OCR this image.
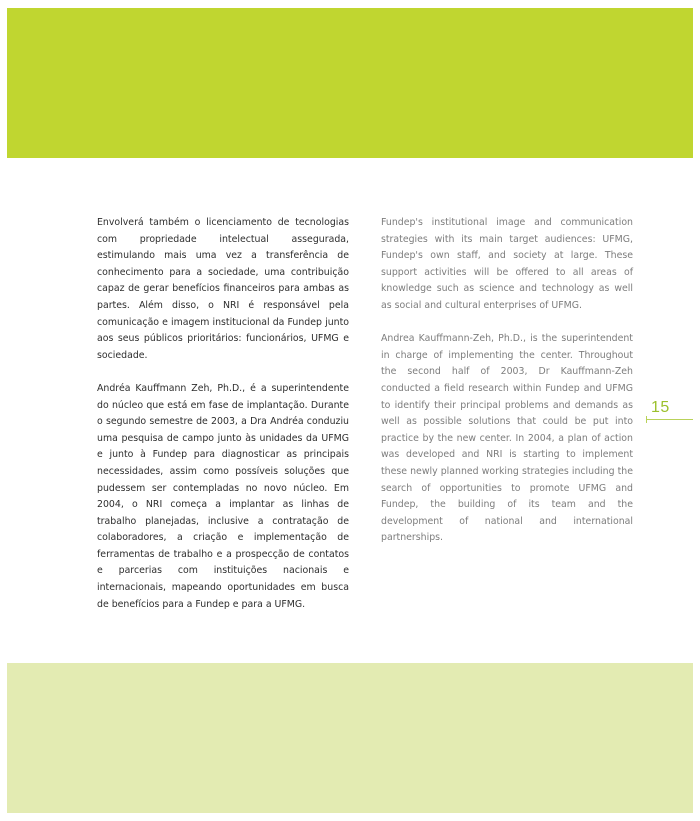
Envolverá também o licenciamento de tecnologias com propriedade intelectual assegurada, estimulando mais uma vez a transferência de conhecimento para a sociedade, uma contribuição capaz de gerar benefícios financeiros para ambas as partes. Além disso, o NRI é responsável pela comunicação e imagem institucional da Fundep junto aos seus públicos prioritários: funcionários, UFMG e sociedade.

Andréa Kauffmann Zeh, Ph.D., é a superintendente do núcleo que está em fase de implantação. Durante o segundo semestre de 2003, a Dra Andréa conduziu uma pesquisa de campo junto às unidades da UFMG e junto à Fundep para diagnosticar as principais necessidades, assim como possíveis soluções que pudessem ser contempladas no novo núcleo. Em 2004, o NRI começa a implantar as linhas de trabalho planejadas, inclusive a contratação de colaboradores, a criação e implementação de ferramentas de trabalho e a prospecção de contatos e parcerias com instituições nacionais e internacionais, mapeando oportunidades em busca de benefícios para a Fundep e para a UFMG.

Fundep's institutional image and communication strategies with its main target audiences: UFMG, Fundep's own staff, and society at large. These support activities will be offered to all areas of knowledge such as science and technology as well as social and cultural enterprises of UFMG.

Andrea Kauffmann-Zeh, Ph.D., is the superintendent in charge of implementing the center. Throughout the second half of 2003, Dr Kauffmann-Zeh conducted a field research within Fundep and UFMG to identify their principal problems and demands as well as possible solutions that could be put into practice by the new center. In 2004, a plan of action was developed and NRI is starting to implement these newly planned working strategies including the search of opportunities to promote UFMG and Fundep, the building of its team and the development of national and international partnerships.

15
